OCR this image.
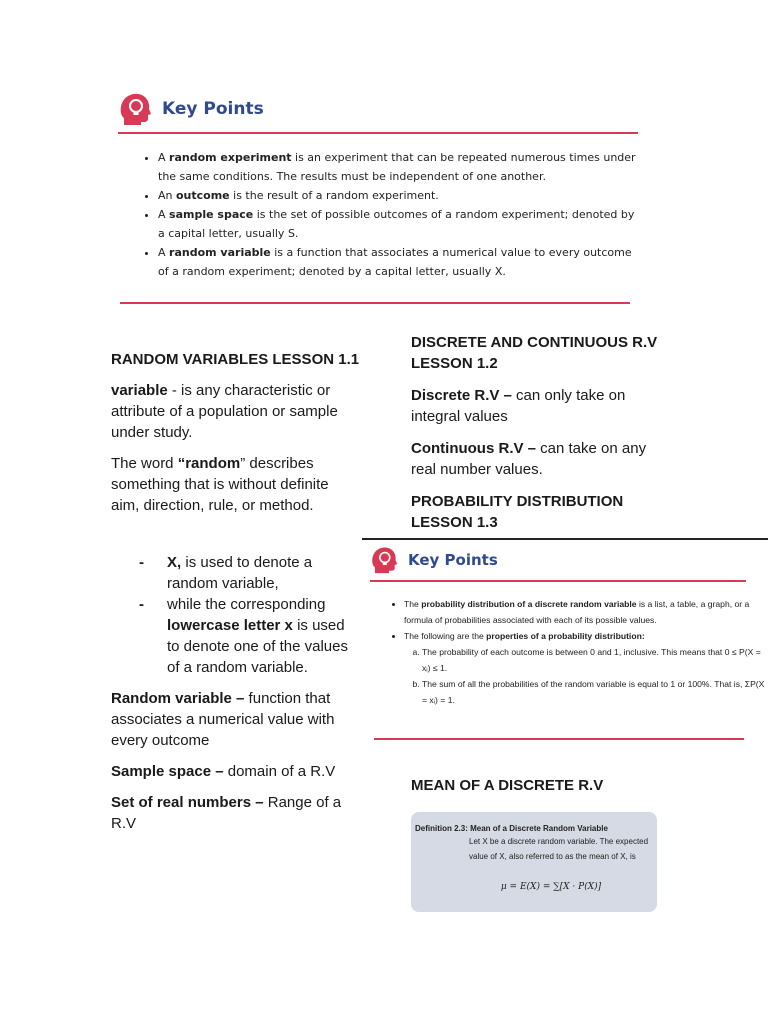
Key Points
• A random experiment is an experiment that can be repeated numerous times under the same conditions. The results must be independent of one another.
• An outcome is the result of a random experiment.
• A sample space is the set of possible outcomes of a random experiment; denoted by a capital letter, usually S.
• A random variable is a function that associates a numerical value to every outcome of a random experiment; denoted by a capital letter, usually X.

RANDOM VARIABLES LESSON 1.1

variable - is any characteristic or attribute of a population or sample under study.

The word “random” describes something that is without definite aim, direction, rule, or method.

-	X, is used to denote a random variable,
-	while the corresponding lowercase letter x is used to denote one of the values of a random variable.

Random variable – function that associates a numerical value with every outcome

Sample space – domain of a R.V

Set of real numbers – Range of a R.V

DISCRETE AND CONTINUOUS R.V LESSON 1.2

Discrete R.V – can only take on integral values

Continuous R.V – can take on any real number values.

PROBABILITY DISTRIBUTION LESSON 1.3

Key Points
• The probability distribution of a discrete random variable is a list, a table, a graph, or a formula of probabilities associated with each of its possible values.
• The following are the properties of a probability distribution:
a. The probability of each outcome is between 0 and 1, inclusive. This means that 0 ≤ P(X = xᵢ) ≤ 1.
b. The sum of all the probabilities of the random variable is equal to 1 or 100%. That is, ΣP(X = xᵢ) = 1.
MEAN OF A DISCRETE R.V
Definition 2.3: Mean of a Discrete Random Variable
Let X be a discrete random variable. The expected value of X, also referred to as the mean of X, is
μ = E(X) = ∑[X · P(X)]
